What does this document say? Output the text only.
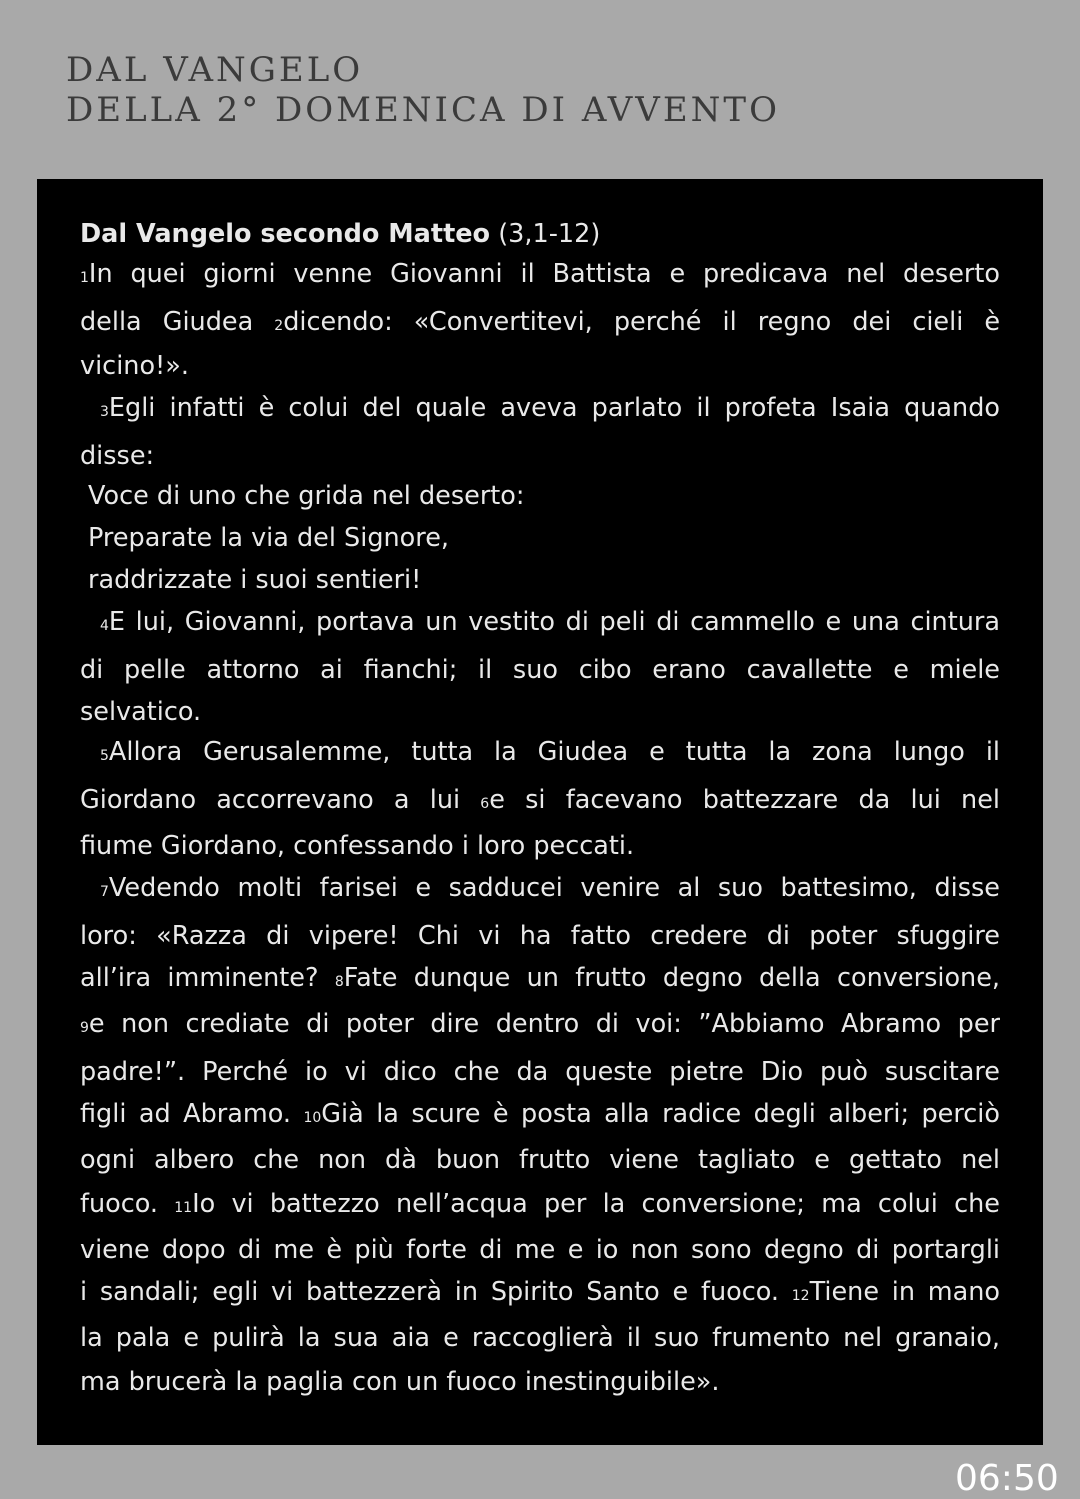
DAL VANGELO
DELLA 2° DOMENICA DI AVVENTO
Dal Vangelo secondo Matteo (3,1-12)
1In quei giorni venne Giovanni il Battista e predicava nel deserto
della Giudea 2dicendo: «Convertitevi, perché il regno dei cieli è
vicino!».
3Egli infatti è colui del quale aveva parlato il profeta Isaia quando
disse:
Voce di uno che grida nel deserto:
Preparate la via del Signore,
raddrizzate i suoi sentieri!
4E lui, Giovanni, portava un vestito di peli di cammello e una cintura
di pelle attorno ai fianchi; il suo cibo erano cavallette e miele
selvatico.
5Allora Gerusalemme, tutta la Giudea e tutta la zona lungo il
Giordano accorrevano a lui 6e si facevano battezzare da lui nel
fiume Giordano, confessando i loro peccati.
7Vedendo molti farisei e sadducei venire al suo battesimo, disse
loro: «Razza di vipere! Chi vi ha fatto credere di poter sfuggire
all’ira imminente? 8Fate dunque un frutto degno della conversione,
9e non crediate di poter dire dentro di voi: ”Abbiamo Abramo per
padre!”. Perché io vi dico che da queste pietre Dio può suscitare
figli ad Abramo. 10Già la scure è posta alla radice degli alberi; perciò
ogni albero che non dà buon frutto viene tagliato e gettato nel
fuoco. 11Io vi battezzo nell’acqua per la conversione; ma colui che
viene dopo di me è più forte di me e io non sono degno di portargli
i sandali; egli vi battezzerà in Spirito Santo e fuoco. 12Tiene in mano
la pala e pulirà la sua aia e raccoglierà il suo frumento nel granaio,
ma brucerà la paglia con un fuoco inestinguibile».
06:50
